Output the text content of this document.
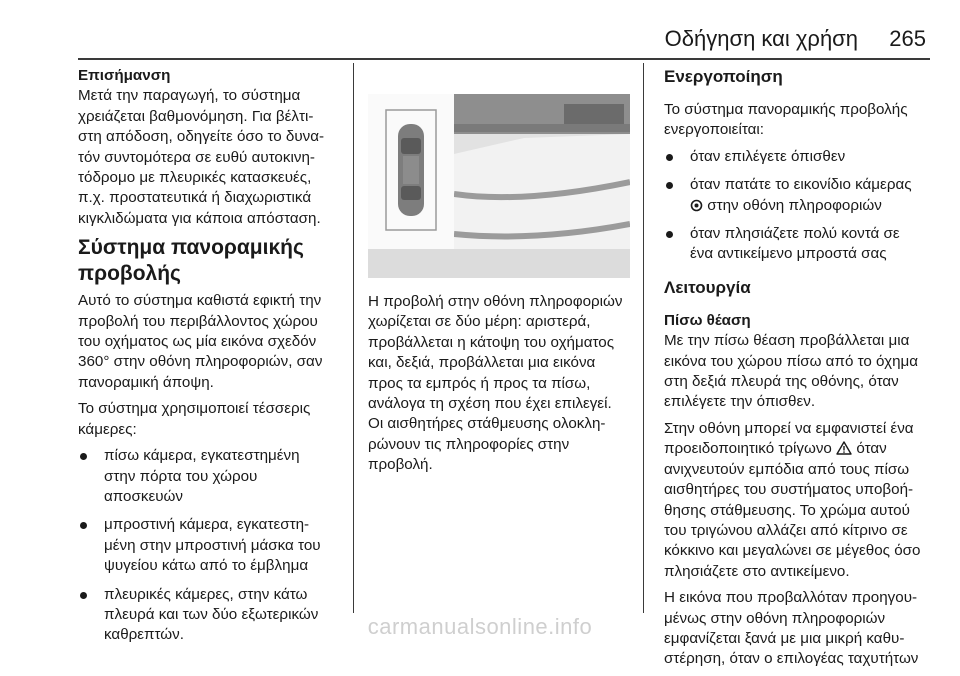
Οδήγηση και χρήση 265
Επισήμανση

Μετά την παραγωγή, το σύστημα
χρειάζεται βαθμονόμηση. Για βέλτι-
στη απόδοση, οδηγείτε όσο το δυνα-
τόν συντομότερα σε ευθύ αυτοκινη-
τόδρομο με πλευρικές κατασκευές,
π.χ. προστατευτικά ή διαχωριστικά
κιγκλιδώματα για κάποια απόσταση.

Σύστημα πανοραμικής
προβολής

Αυτό το σύστημα καθιστά εφικτή την
προβολή του περιβάλλοντος χώρου
του οχήματος ως μία εικόνα σχεδόν
360° στην οθόνη πληροφοριών, σαν
πανοραμική άποψη.

Το σύστημα χρησιμοποιεί τέσσερις
κάμερες:

πίσω κάμερα, εγκατεστημένη
στην πόρτα του χώρου
αποσκευών
μπροστινή κάμερα, εγκατεστη-
μένη στην μπροστινή μάσκα του
ψυγείου κάτω από το έμβλημα
πλευρικές κάμερες, στην κάτω
πλευρά και των δύο εξωτερικών
καθρεπτών.

Η προβολή στην οθόνη πληροφοριών
χωρίζεται σε δύο μέρη: αριστερά,
προβάλλεται η κάτοψη του οχήματος
και, δεξιά, προβάλλεται μια εικόνα
προς τα εμπρός ή προς τα πίσω,
ανάλογα τη σχέση που έχει επιλεγεί.
Οι αισθητήρες στάθμευσης ολοκλη-
ρώνουν τις πληροφορίες στην
προβολή.

Ενεργοποίηση

Το σύστημα πανοραμικής προβολής
ενεργοποιείται:

όταν επιλέγετε όπισθεν
όταν πατάτε το εικονίδιο κάμερας
στην οθόνη πληροφοριών
όταν πλησιάζετε πολύ κοντά σε
ένα αντικείμενο μπροστά σας
Λειτουργία
Πίσω θέαση

Με την πίσω θέαση προβάλλεται μια
εικόνα του χώρου πίσω από το όχημα
στη δεξιά πλευρά της οθόνης, όταν
επιλέγετε την όπισθεν.

Στην οθόνη μπορεί να εμφανιστεί ένα
προειδοποιητικό τρίγωνο όταν
ανιχνευτούν εμπόδια από τους πίσω
αισθητήρες του συστήματος υποβοή-
θησης στάθμευσης. Το χρώμα αυτού
του τριγώνου αλλάζει από κίτρινο σε
κόκκινο και μεγαλώνει σε μέγεθος όσο
πλησιάζετε στο αντικείμενο.

Η εικόνα που προβαλλόταν προηγου-
μένως στην οθόνη πληροφοριών
εμφανίζεται ξανά με μια μικρή καθυ-
στέρηση, όταν ο επιλογέας ταχυτήτων

carmanualsonline.info
